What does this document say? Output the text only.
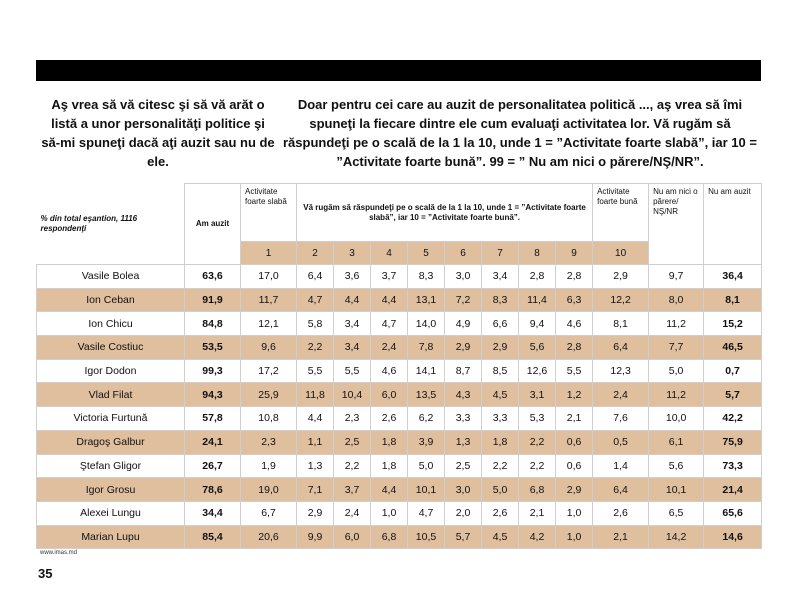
Aş vrea să vă citesc şi să vă arăt o listă a unor personalităţi politice şi să-mi spuneţi dacă aţi auzit sau nu de ele.
Doar pentru cei care au auzit de personalitatea politică ..., aş vrea să îmi spuneţi la fiecare dintre ele cum evaluaţi activitatea lor. Vă rugăm să răspundeţi pe o scală de la 1 la 10, unde 1 = ”Activitate foarte slabă”, iar 10 = ”Activitate foarte bună”. 99 = ” Nu am nici o părere/NŞ/NR”.
% din total eşantion, 1116 respondenţi	Am auzit	Activitate foarte slabă	Vă rugăm să răspundeţi pe o scală de la 1 la 10, unde 1 = ”Activitate foarte slabă”, iar 10 = ”Activitate foarte bună”.								Activitate foarte bună	Nu am nici o părere/ NŞ/NR	Nu am auzit
		1	2	3	4	5	6	7	8	9	10		
Vasile Bolea	63,6	17,0	6,4	3,6	3,7	8,3	3,0	3,4	2,8	2,8	2,9	9,7	36,4
Ion Ceban	91,9	11,7	4,7	4,4	4,4	13,1	7,2	8,3	11,4	6,3	12,2	8,0	8,1
Ion Chicu	84,8	12,1	5,8	3,4	4,7	14,0	4,9	6,6	9,4	4,6	8,1	11,2	15,2
Vasile Costiuc	53,5	9,6	2,2	3,4	2,4	7,8	2,9	2,9	5,6	2,8	6,4	7,7	46,5
Igor Dodon	99,3	17,2	5,5	5,5	4,6	14,1	8,7	8,5	12,6	5,5	12,3	5,0	0,7
Vlad Filat	94,3	25,9	11,8	10,4	6,0	13,5	4,3	4,5	3,1	1,2	2,4	11,2	5,7
Victoria Furtună	57,8	10,8	4,4	2,3	2,6	6,2	3,3	3,3	5,3	2,1	7,6	10,0	42,2
Dragoş Galbur	24,1	2,3	1,1	2,5	1,8	3,9	1,3	1,8	2,2	0,6	0,5	6,1	75,9
Ştefan Gligor	26,7	1,9	1,3	2,2	1,8	5,0	2,5	2,2	2,2	0,6	1,4	5,6	73,3
Igor Grosu	78,6	19,0	7,1	3,7	4,4	10,1	3,0	5,0	6,8	2,9	6,4	10,1	21,4
Alexei Lungu	34,4	6,7	2,9	2,4	1,0	4,7	2,0	2,6	2,1	1,0	2,6	6,5	65,6
Marian Lupu	85,4	20,6	9,9	6,0	6,8	10,5	5,7	4,5	4,2	1,0	2,1	14,2	14,6
www.imas.md
35
